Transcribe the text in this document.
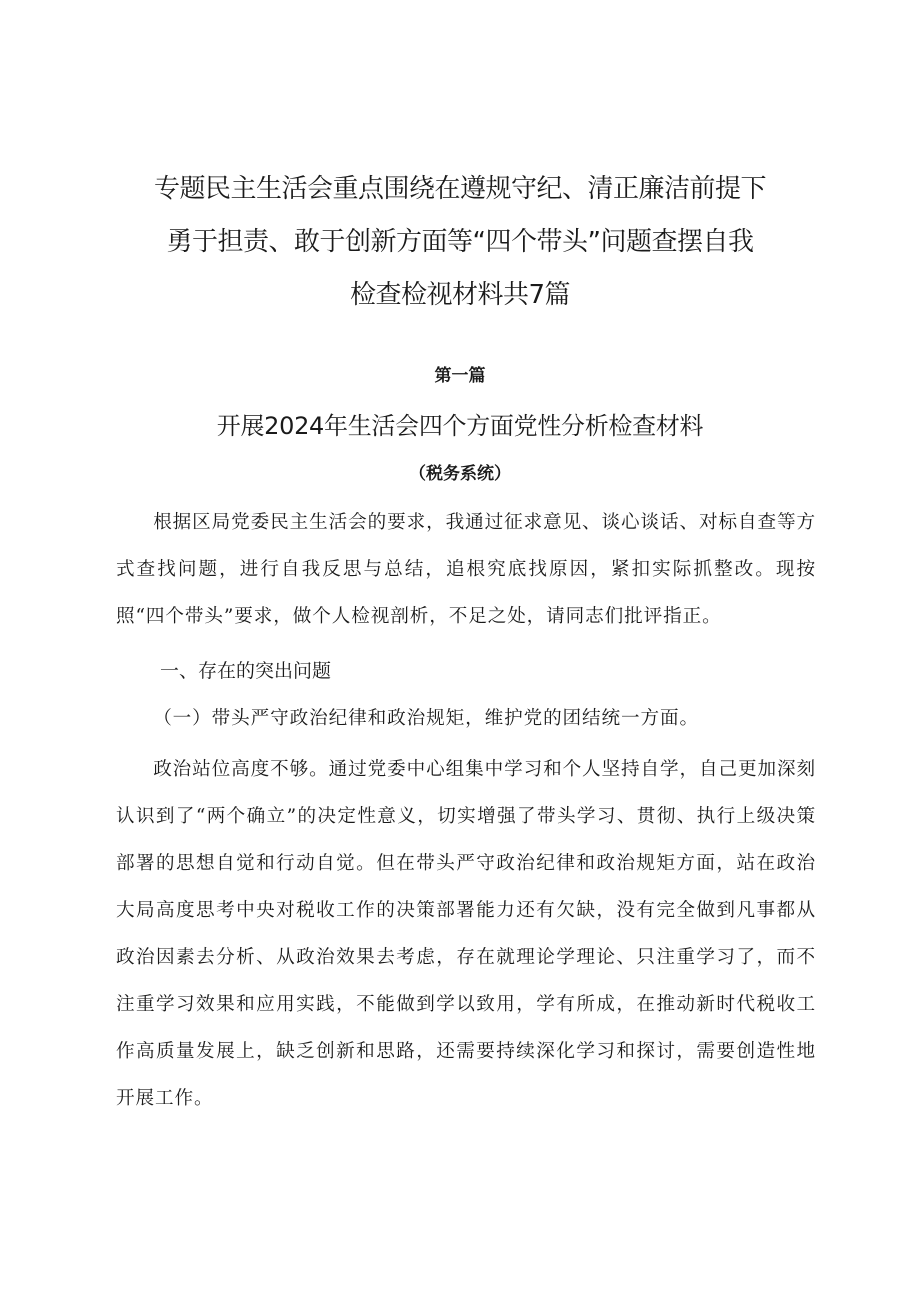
专题民主生活会重点围绕在遵规守纪、清正廉洁前提下
勇于担责、敢于创新方面等“四个带头”问题查摆自我
检查检视材料共7篇
第一篇
开展2024年生活会四个方面党性分析检查材料
（税务系统）

根据区局党委民主生活会的要求，我通过征求意见、谈心谈话、对标自查等方式查找问题，进行自我反思与总结，追根究底找原因，紧扣实际抓整改。现按照“四个带头”要求，做个人检视剖析，不足之处，请同志们批评指正。

一、存在的突出问题
（一）带头严守政治纪律和政治规矩，维护党的团结统一方面。

政治站位高度不够。通过党委中心组集中学习和个人坚持自学，自己更加深刻认识到了“两个确立”的决定性意义，切实增强了带头学习、贯彻、执行上级决策部署的思想自觉和行动自觉。但在带头严守政治纪律和政治规矩方面，站在政治大局高度思考中央对税收工作的决策部署能力还有欠缺，没有完全做到凡事都从政治因素去分析、从政治效果去考虑，存在就理论学理论、只注重学习了，而不注重学习效果和应用实践，不能做到学以致用，学有所成，在推动新时代税收工作高质量发展上，缺乏创新和思路，还需要持续深化学习和探讨，需要创造性地开展工作。
